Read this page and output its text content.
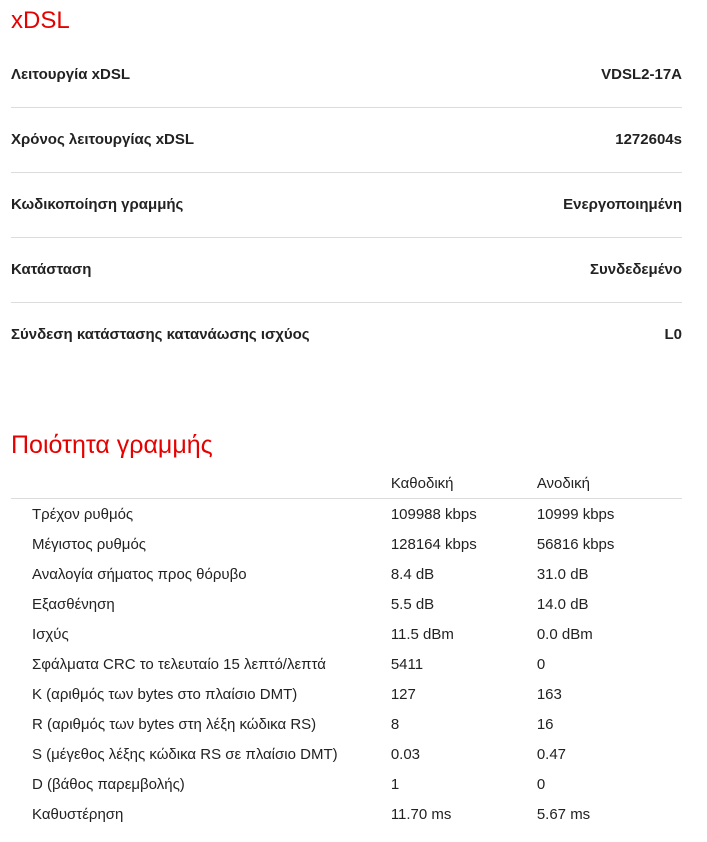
xDSL
Λειτουργία xDSL	VDSL2-17A
Χρόνος λειτουργίας xDSL	1272604s
Κωδικοποίηση γραμμής	Ενεργοποιημένη
Κατάσταση	Συνδεδεμένο
Σύνδεση κατάστασης κατανάωσης ισχύος	L0
Ποιότητα γραμμής
	Καθοδική	Ανοδική
Τρέχον ρυθμός	109988 kbps	10999 kbps
Μέγιστος ρυθμός	128164 kbps	56816 kbps
Αναλογία σήματος προς θόρυβο	8.4 dB	31.0 dB
Εξασθένηση	5.5 dB	14.0 dB
Ισχύς	11.5 dBm	0.0 dBm
Σφάλματα CRC το τελευταίο 15 λεπτό/λεπτά	5411	0
K (αριθμός των bytes στο πλαίσιο DMT)	127	163
R (αριθμός των bytes στη λέξη κώδικα RS)	8	16
S (μέγεθος λέξης κώδικα RS σε πλαίσιο DMT)	0.03	0.47
D (βάθος παρεμβολής)	1	0
Καθυστέρηση	11.70 ms	5.67 ms
